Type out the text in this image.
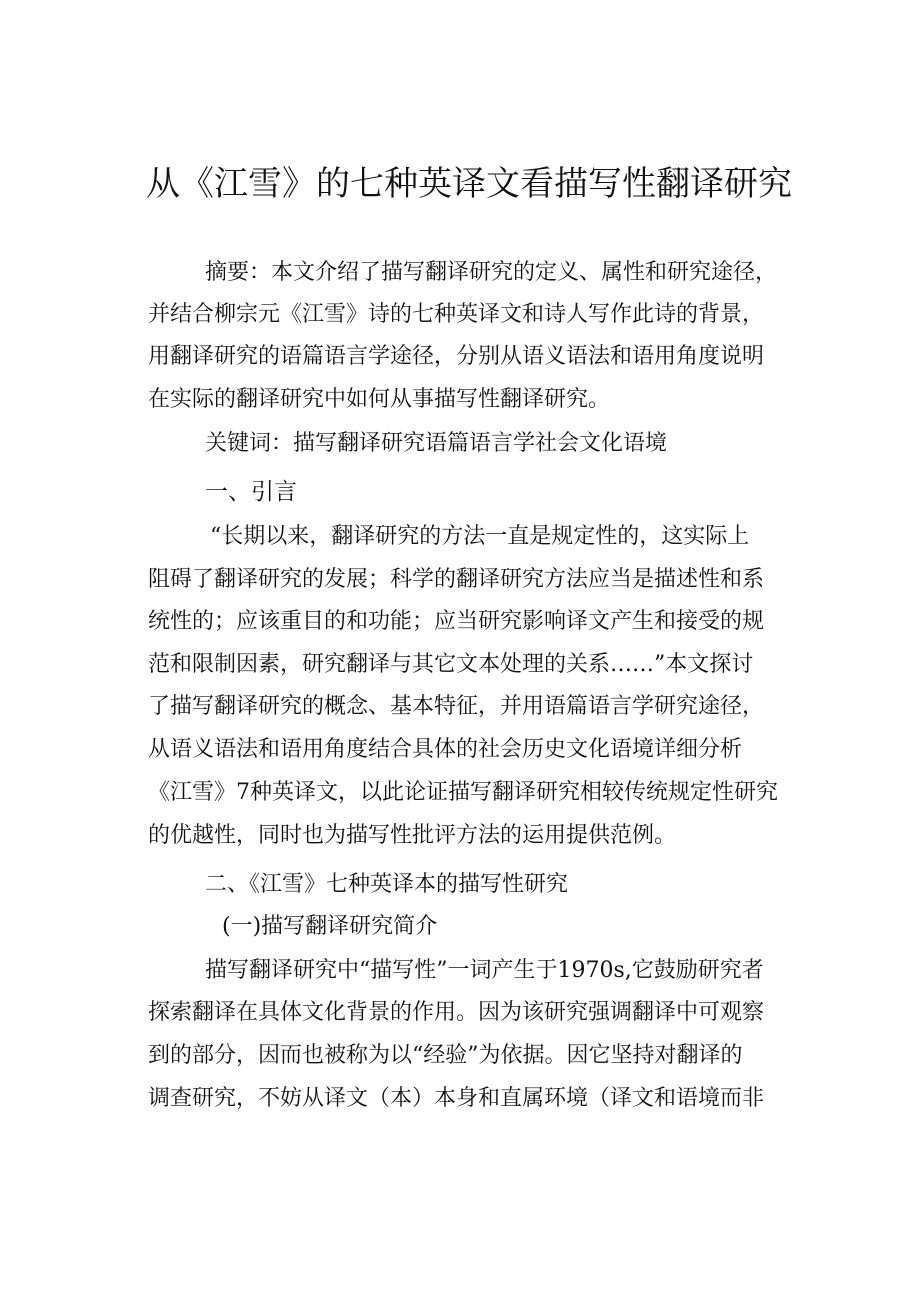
从《江雪》的七种英译文看描写性翻译研究
摘要：本文介绍了描写翻译研究的定义、属性和研究途径，
并结合柳宗元《江雪》诗的七种英译文和诗人写作此诗的背景，
用翻译研究的语篇语言学途径，分别从语义语法和语用角度说明
在实际的翻译研究中如何从事描写性翻译研究。
关键词：描写翻译研究语篇语言学社会文化语境
一、引言
“长期以来，翻译研究的方法一直是规定性的，这实际上
阻碍了翻译研究的发展；科学的翻译研究方法应当是描述性和系
统性的；应该重目的和功能；应当研究影响译文产生和接受的规
范和限制因素，研究翻译与其它文本处理的关系……”本文探讨
了描写翻译研究的概念、基本特征，并用语篇语言学研究途径，
从语义语法和语用角度结合具体的社会历史文化语境详细分析
《江雪》7种英译文，以此论证描写翻译研究相较传统规定性研究
的优越性，同时也为描写性批评方法的运用提供范例。
二、《江雪》七种英译本的描写性研究
(一)描写翻译研究简介
描写翻译研究中“描写性”一词产生于1970s,它鼓励研究者
探索翻译在具体文化背景的作用。因为该研究强调翻译中可观察
到的部分，因而也被称为以“经验”为依据。因它坚持对翻译的
调查研究，不妨从译文（本）本身和直属环境（译文和语境而非
